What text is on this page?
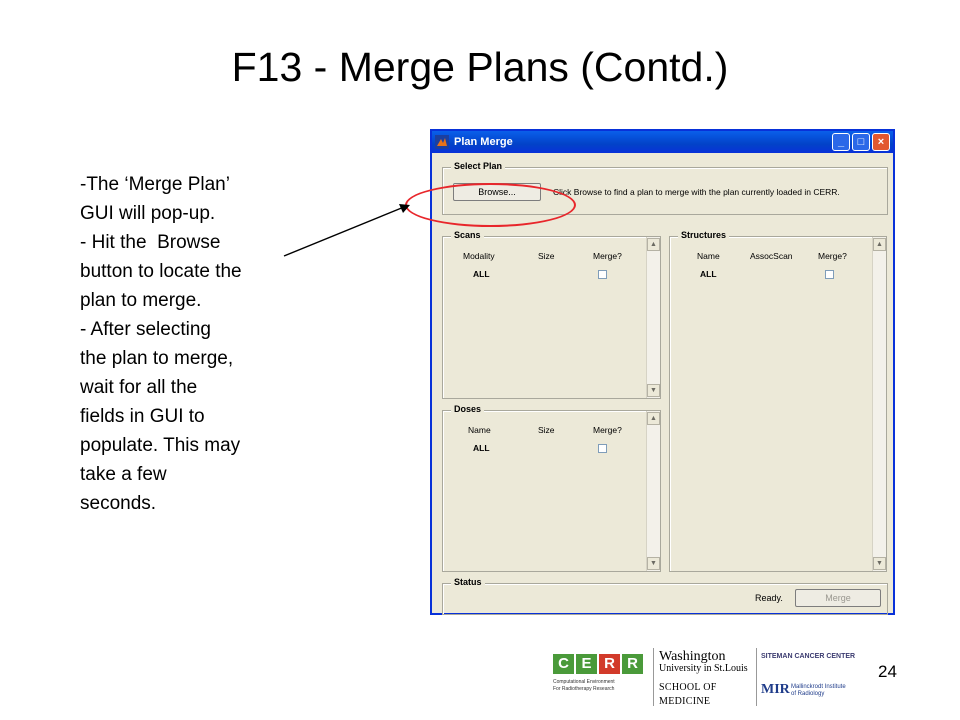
F13 - Merge Plans (Contd.)
-The ‘Merge Plan’
GUI will pop-up.
- Hit the  Browse
button to locate the
plan to merge.
- After selecting
the plan to merge,
wait for all the
fields in GUI to
populate. This may
take a few
seconds.
Plan Merge	_	□	×
Select Plan
Browse...	Click Browse to find a plan to merge with the plan currently loaded in CERR.
Scans
Modality	Size	Merge?
ALL
▲
▼
Doses
Name	Size	Merge?
ALL
▲
▼
Structures
Name	AssocScan	Merge?
ALL
▲
▼
Status
Ready.	Merge
C E R R
Computational Environment
For Radiotherapy Research
Washington
University in St.Louis
SCHOOL OF MEDICINE
SITEMAN CANCER CENTER
MIR Mallinckrodt Institute
of Radiology
24
